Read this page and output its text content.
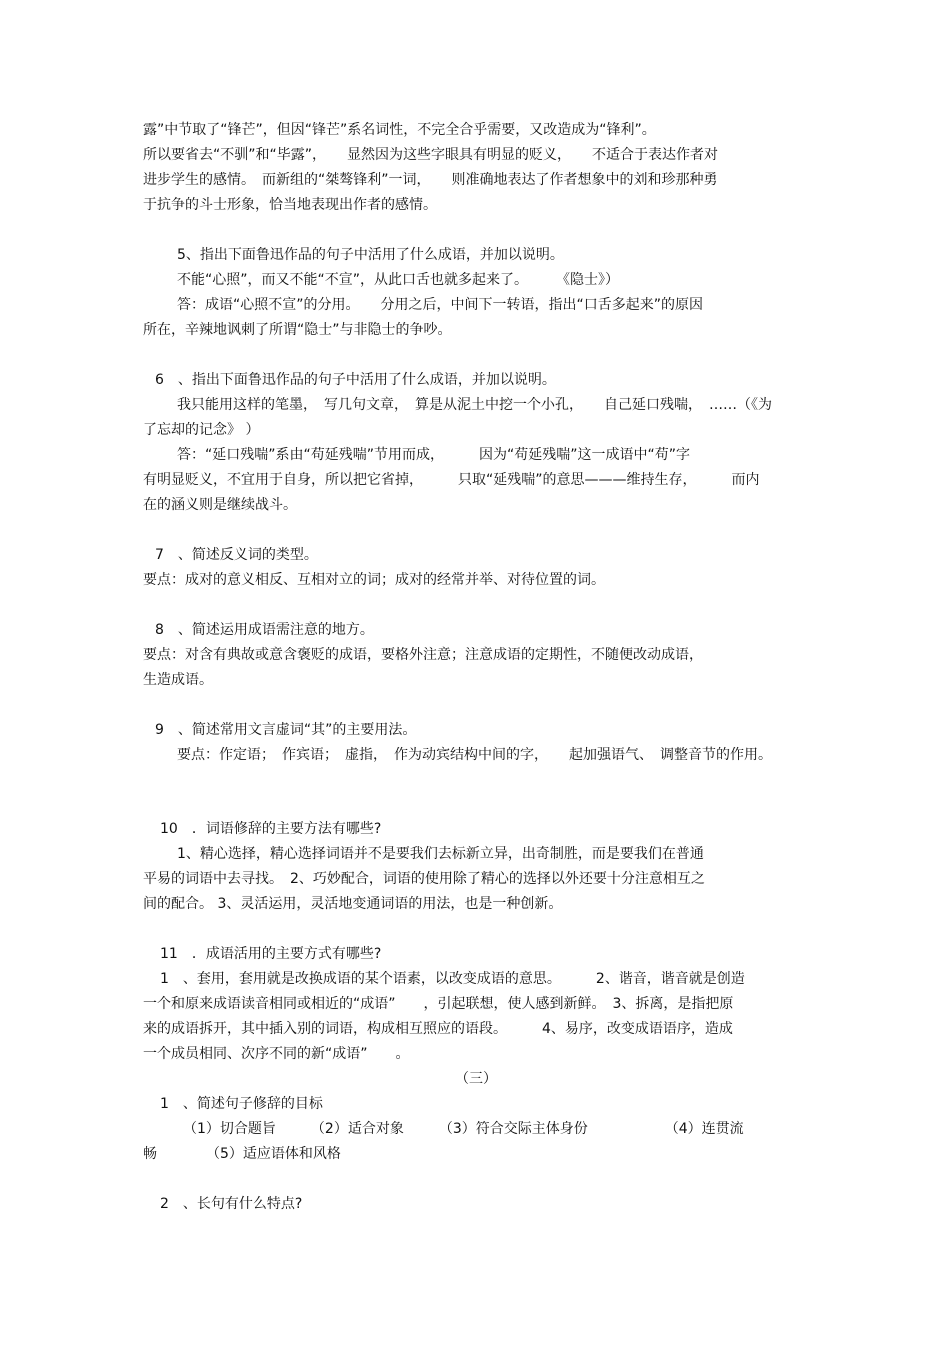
露”中节取了“锋芒”，但因“锋芒”系名词性，不完全合乎需要，又改造成为“锋利”。
所以要省去“不驯”和“毕露”，　　显然因为这些字眼具有明显的贬义，　　不适合于表达作者对
进步学生的感情。　而新组的“桀骜锋利”一词，　　则准确地表达了作者想象中的刘和珍那种勇
于抗争的斗士形象，恰当地表现出作者的感情。
5、指出下面鲁迅作品的句子中活用了什么成语，并加以说明。
不能“心照”，而又不能“不宣”，从此口舌也就多起来了。　　　《隐士》）
答：成语“心照不宣”的分用。　　分用之后，中间下一转语，指出“口舌多起来”的原因
所在，辛辣地讽刺了所谓“隐士”与非隐士的争吵。
6　、指出下面鲁迅作品的句子中活用了什么成语，并加以说明。
我只能用这样的笔墨，　写几句文章，　算是从泥土中挖一个小孔，　　自己延口残喘，　……（《为
了忘却的记念》 ）
答：“延口残喘”系由“苟延残喘”节用而成，　　　因为“苟延残喘”这一成语中“苟”字
有明显贬义，不宜用于自身，所以把它省掉，　　　只取“延残喘”的意思———维持生存，　　　而内
在的涵义则是继续战斗。
7　、简述反义词的类型。
要点：成对的意义相反、互相对立的词；成对的经常并举、对待位置的词。
8　、简述运用成语需注意的地方。
要点：对含有典故或意含褒贬的成语，要格外注意；注意成语的定期性，不随便改动成语，
生造成语。
9　、简述常用文言虚词“其”的主要用法。
要点：作定语；　作宾语；　虚指，　作为动宾结构中间的字，　　起加强语气、　调整音节的作用。
10　．词语修辞的主要方法有哪些?
1、精心选择，精心选择词语并不是要我们去标新立异，出奇制胜，而是要我们在普通
平易的词语中去寻找。　2、巧妙配合，词语的使用除了精心的选择以外还要十分注意相互之
间的配合。 3、灵活运用，灵活地变通词语的用法，也是一种创新。
11　．成语活用的主要方式有哪些?
1　、套用，套用就是改换成语的某个语素，以改变成语的意思。　　　2、谐音，谐音就是创造
一个和原来成语读音相同或相近的“成语”　　，引起联想，使人感到新鲜。　3、拆离，是指把原
来的成语拆开，其中插入别的词语，构成相互照应的语段。　　　4、易序，改变成语语序，造成
一个成员相同、次序不同的新“成语”　　。
（三）
1　、简述句子修辞的目标
（1）切合题旨　　　（2）适合对象　　　（3）符合交际主体身份　　　　　　（4）连贯流
畅　　　　（5）适应语体和风格
2　、长句有什么特点?
